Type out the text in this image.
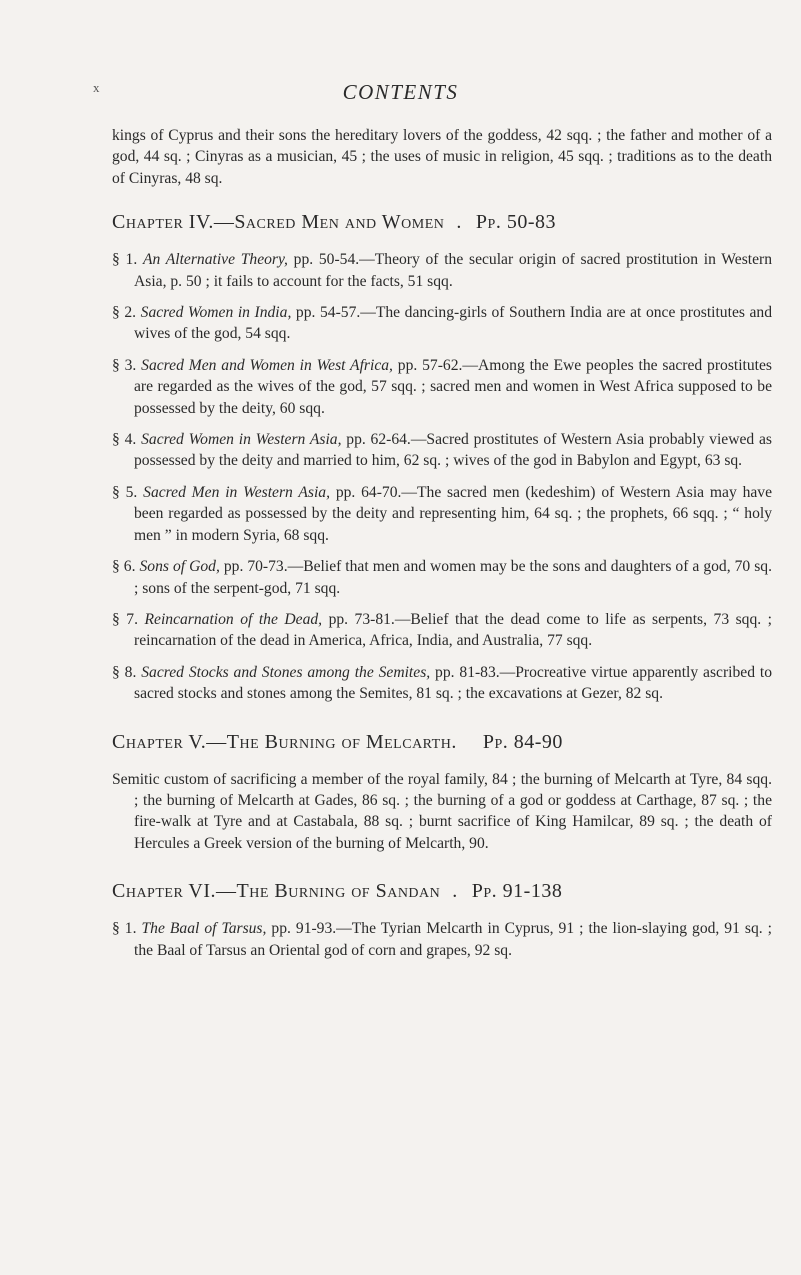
x	CONTENTS

kings of Cyprus and their sons the hereditary lovers of the goddess, 42 sqq. ; the father and mother of a god, 44 sq. ; Cinyras as a musician, 45 ; the uses of music in religion, 45 sqq. ; traditions as to the death of Cinyras, 48 sq.

Chapter IV.—Sacred Men and Women . Pp. 50-83

§ 1. An Alternative Theory, pp. 50-54.—Theory of the secular origin of sacred prostitution in Western Asia, p. 50 ; it fails to account for the facts, 51 sqq.

§ 2. Sacred Women in India, pp. 54-57.—The dancing-girls of Southern India are at once prostitutes and wives of the god, 54 sqq.

§ 3. Sacred Men and Women in West Africa, pp. 57-62.—Among the Ewe peoples the sacred prostitutes are regarded as the wives of the god, 57 sqq. ; sacred men and women in West Africa supposed to be possessed by the deity, 60 sqq.

§ 4. Sacred Women in Western Asia, pp. 62-64.—Sacred prostitutes of Western Asia probably viewed as possessed by the deity and married to him, 62 sq. ; wives of the god in Babylon and Egypt, 63 sq.

§ 5. Sacred Men in Western Asia, pp. 64-70.—The sacred men (kedeshim) of Western Asia may have been regarded as possessed by the deity and representing him, 64 sq. ; the prophets, 66 sqq. ; “ holy men ” in modern Syria, 68 sqq.

§ 6. Sons of God, pp. 70-73.—Belief that men and women may be the sons and daughters of a god, 70 sq. ; sons of the serpent-god, 71 sqq.

§ 7. Reincarnation of the Dead, pp. 73-81.—Belief that the dead come to life as serpents, 73 sqq. ; reincarnation of the dead in America, Africa, India, and Australia, 77 sqq.

§ 8. Sacred Stocks and Stones among the Semites, pp. 81-83.—Procreative virtue apparently ascribed to sacred stocks and stones among the Semites, 81 sq. ; the excavations at Gezer, 82 sq.

Chapter V.—The Burning of Melcarth. Pp. 84-90

Semitic custom of sacrificing a member of the royal family, 84 ; the burning of Melcarth at Tyre, 84 sqq. ; the burning of Melcarth at Gades, 86 sq. ; the burning of a god or goddess at Carthage, 87 sq. ; the fire-walk at Tyre and at Castabala, 88 sq. ; burnt sacrifice of King Hamilcar, 89 sq. ; the death of Hercules a Greek version of the burning of Melcarth, 90.

Chapter VI.—The Burning of Sandan . Pp. 91-138

§ 1. The Baal of Tarsus, pp. 91-93.—The Tyrian Melcarth in Cyprus, 91 ; the lion-slaying god, 91 sq. ; the Baal of Tarsus an Oriental god of corn and grapes, 92 sq.
